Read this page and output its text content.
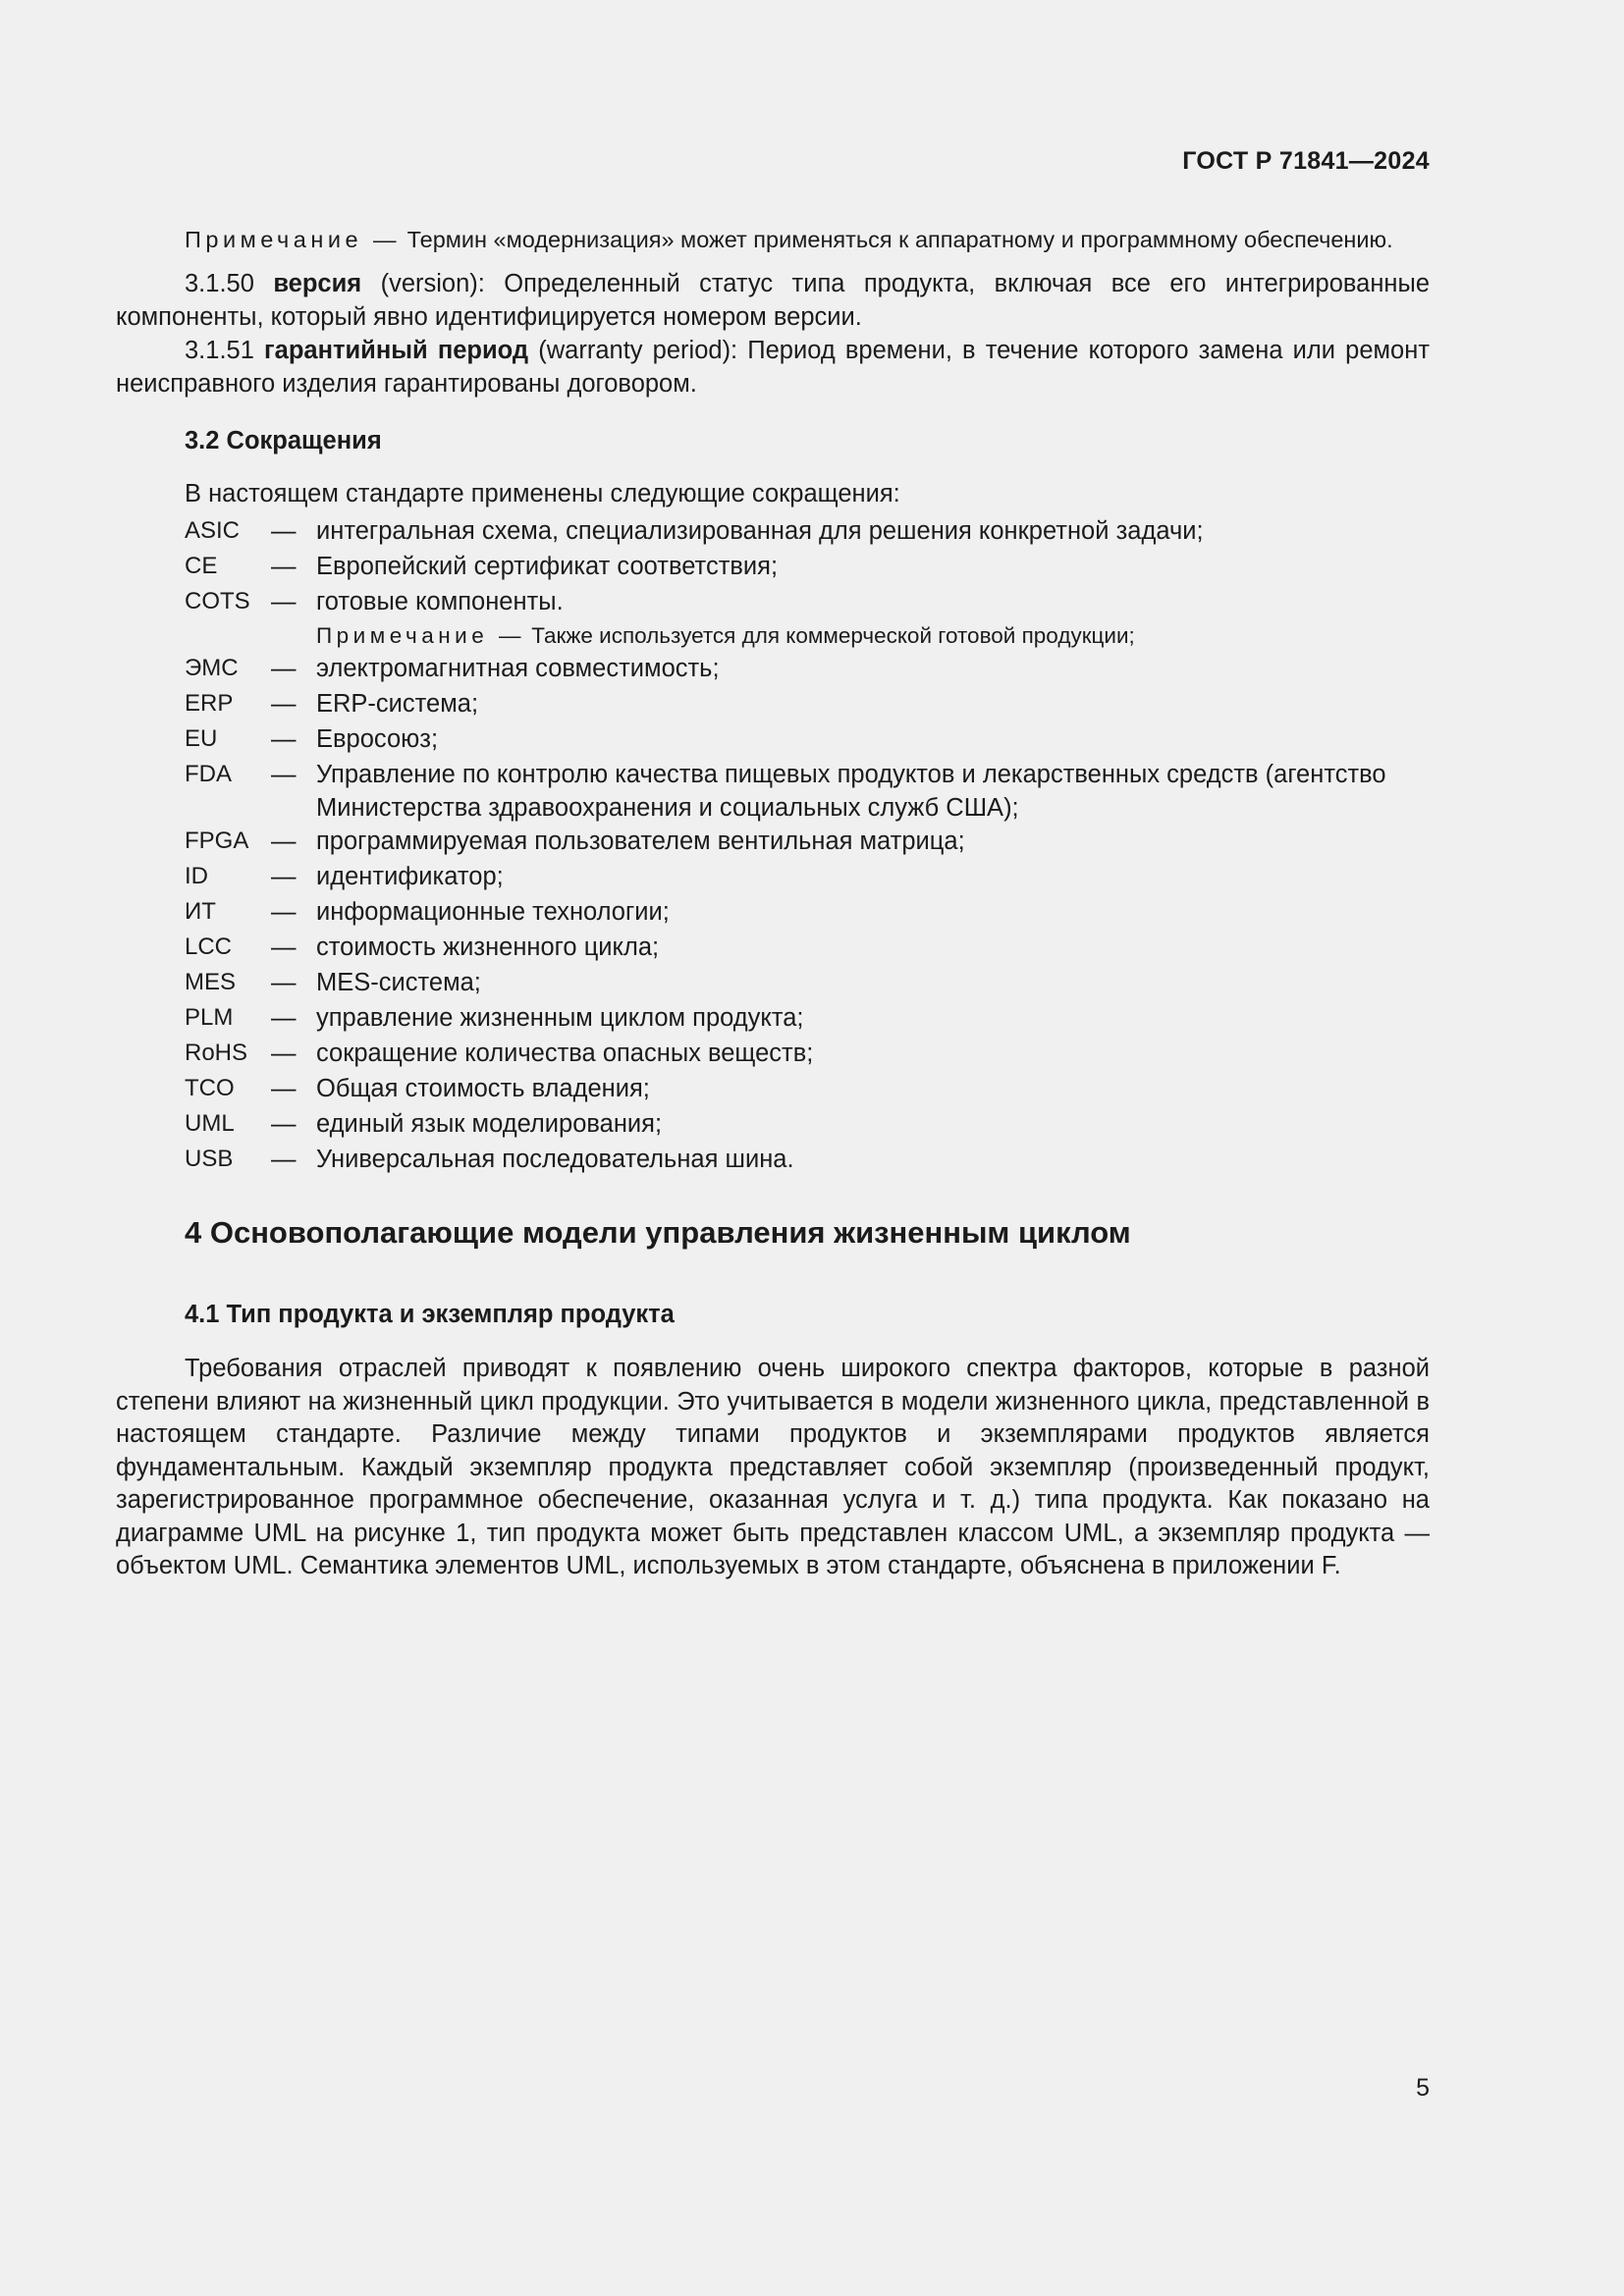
ГОСТ Р 71841—2024

Примечание — Термин «модернизация» может применяться к аппаратному и программному обеспечению.

3.1.50 версия (version): Определенный статус типа продукта, включая все его интегрированные компоненты, который явно идентифицируется номером версии.

3.1.51 гарантийный период (warranty period): Период времени, в течение которого замена или ремонт неисправного изделия гарантированы договором.

3.2 Сокращения
В настоящем стандарте применены следующие сокращения:
ASIC	— интегральная схема, специализированная для решения конкретной задачи;
CE	— Европейский сертификат соответствия;
COTS — готовые компоненты.
Примечание — Также используется для коммерческой готовой продукции;
ЭМС	— электромагнитная совместимость;
ERP	— ERP-система;
EU	— Евросоюз;
FDA	— Управление по контролю качества пищевых продуктов и лекарственных средств (агентство Министерства здравоохранения и социальных служб США);
FPGA — программируемая пользователем вентильная матрица;
ID	— идентификатор;
ИТ	— информационные технологии;
LCC	— стоимость жизненного цикла;
MES	— MES-система;
PLM	— управление жизненным циклом продукта;
RoHS — сокращение количества опасных веществ;
TCO	— Общая стоимость владения;
UML	— единый язык моделирования;
USB	— Универсальная последовательная шина.
4 Основополагающие модели управления жизненным циклом
4.1 Тип продукта и экземпляр продукта

Требования отраслей приводят к появлению очень широкого спектра факторов, которые в разной степени влияют на жизненный цикл продукции. Это учитывается в модели жизненного цикла, представленной в настоящем стандарте. Различие между типами продуктов и экземплярами продуктов является фундаментальным. Каждый экземпляр продукта представляет собой экземпляр (произведенный продукт, зарегистрированное программное обеспечение, оказанная услуга и т. д.) типа продукта. Как показано на диаграмме UML на рисунке 1, тип продукта может быть представлен классом UML, а экземпляр продукта — объектом UML. Семантика элементов UML, используемых в этом стандарте, объяснена в приложении F.

5
